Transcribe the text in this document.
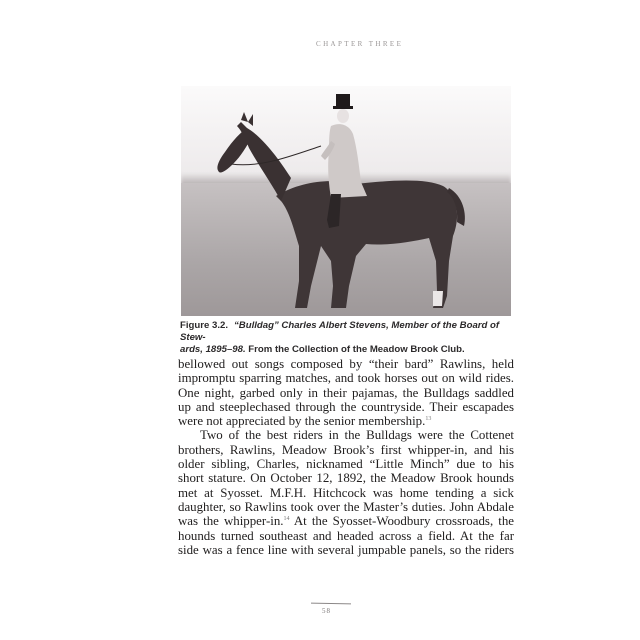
CHAPTER THREE
Figure 3.2. “Bulldag” Charles Albert Stevens, Member of the Board of Stew-
ards, 1895–98. From the Collection of the Meadow Brook Club.

bellowed out songs composed by “their bard” Rawlins, held
impromptu sparring matches, and took horses out on wild rides.
One night, garbed only in their pajamas, the Bulldags saddled
up and steeplechased through the countryside. Their escapades
were not appreciated by the senior membership.$^{13}$

Two of the best riders in the Bulldags were the Cottenet
brothers, Rawlins, Meadow Brook’s first whipper-in, and his
older sibling, Charles, nicknamed “Little Minch” due to his
short stature. On October 12, 1892, the Meadow Brook hounds
met at Syosset. M.F.H. Hitchcock was home tending a sick
daughter, so Rawlins took over the Master’s duties. John Abdale
was the whipper-in.$^{14}$ At the Syosset-Woodbury crossroads, the
hounds turned southeast and headed across a field. At the far
side was a fence line with several jumpable panels, so the riders

58
